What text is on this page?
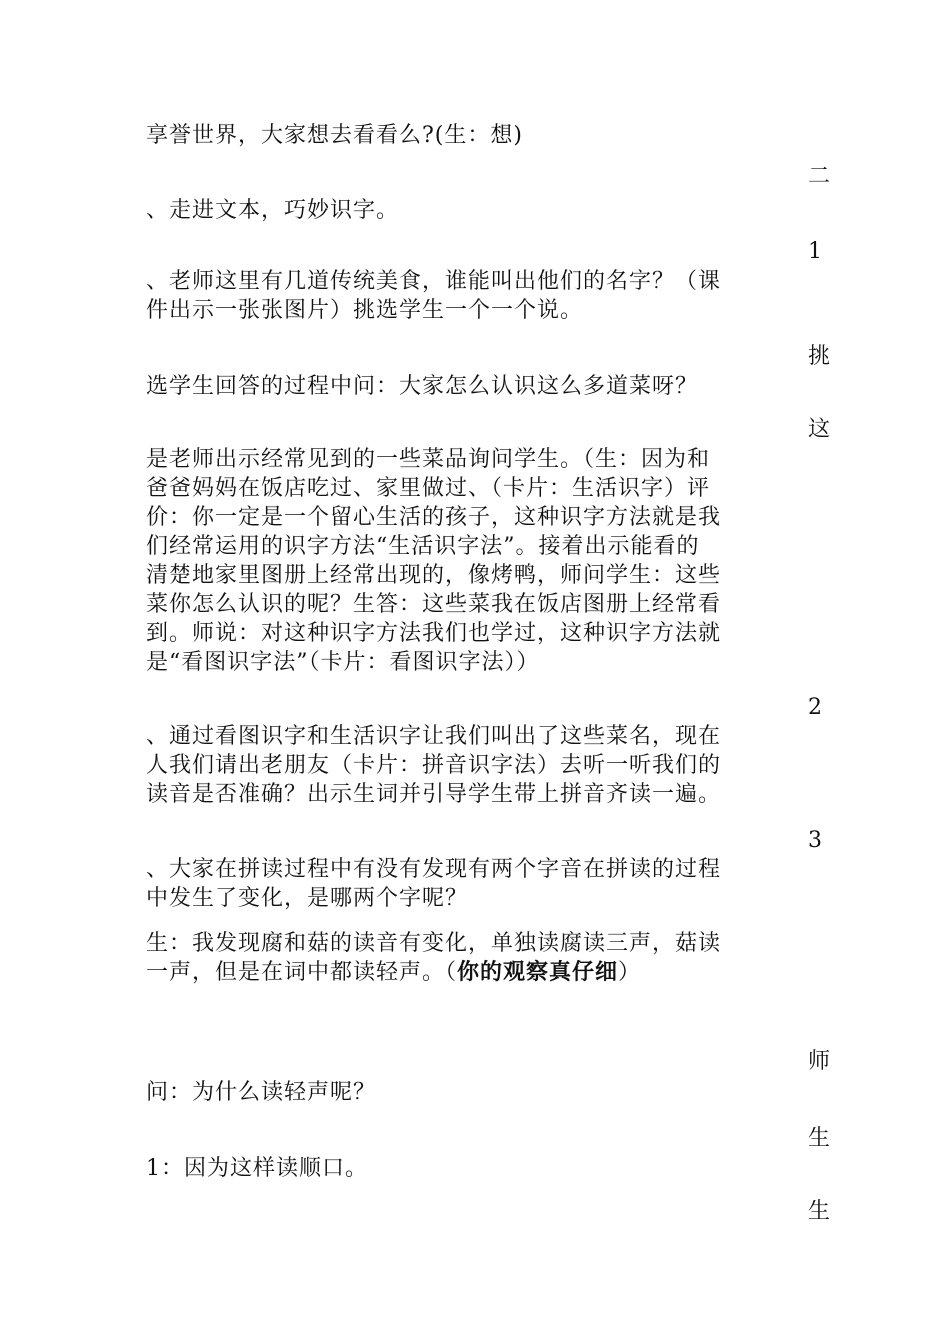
享誉世界，大家想去看看么?(生：想)
、走进文本，巧妙识字。
、老师这里有几道传统美食，谁能叫出他们的名字？（课
件出示一张张图片）挑选学生一个一个说。
选学生回答的过程中问：大家怎么认识这么多道菜呀？
是老师出示经常见到的一些菜品询问学生。（生：因为和
爸爸妈妈在饭店吃过、家里做过、（卡片：生活识字）评
价：你一定是一个留心生活的孩子，这种识字方法就是我
们经常运用的识字方法“生活识字法”。接着出示能看的
清楚地家里图册上经常出现的，像烤鸭，师问学生：这些
菜你怎么认识的呢？生答：这些菜我在饭店图册上经常看
到。师说：对这种识字方法我们也学过，这种识字方法就
是“看图识字法”（卡片：看图识字法））
、通过看图识字和生活识字让我们叫出了这些菜名，现在
人我们请出老朋友（卡片：拼音识字法）去听一听我们的
读音是否准确？出示生词并引导学生带上拼音齐读一遍。
、大家在拼读过程中有没有发现有两个字音在拼读的过程
中发生了变化，是哪两个字呢？
生：我发现腐和菇的读音有变化，单独读腐读三声，菇读
一声，但是在词中都读轻声。（你的观察真仔细）
问：为什么读轻声呢？
1：因为这样读顺口。
二
1
挑
这
2
3
师
生
生
